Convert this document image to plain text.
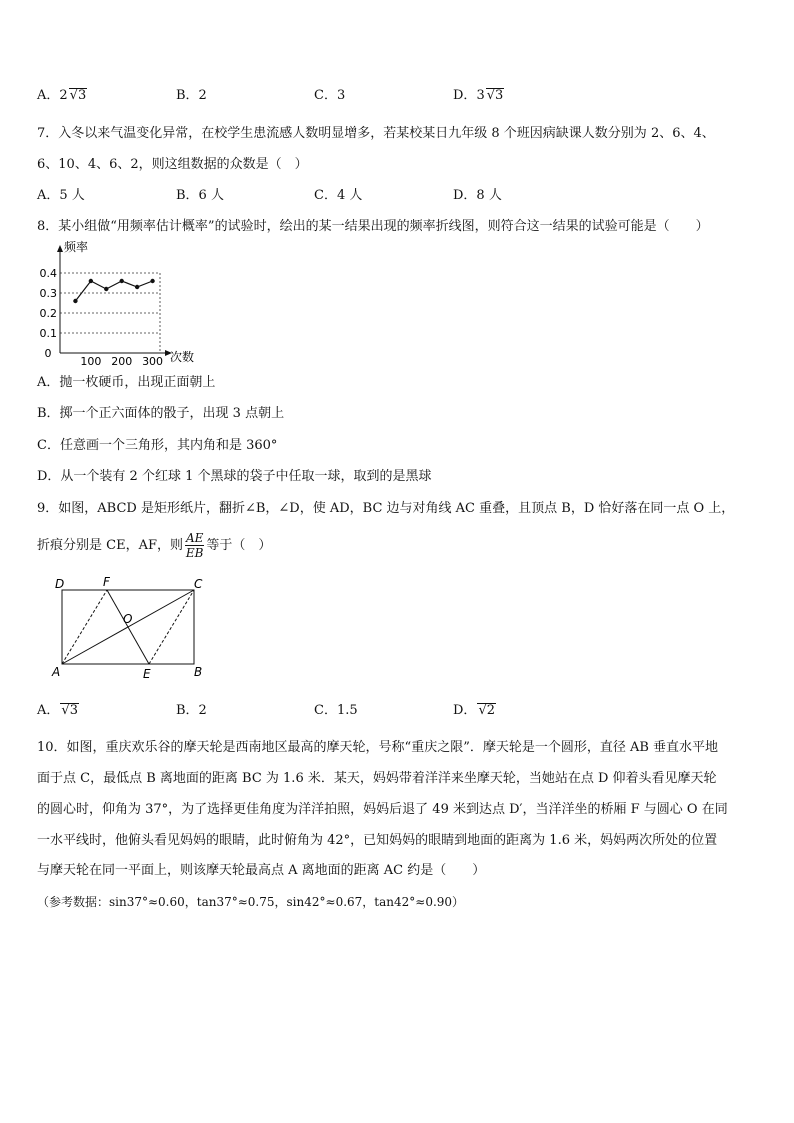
A．2 √3	B．2	C．3	D．3 √3
7．入冬以来气温变化异常，在校学生患流感人数明显增多，若某校某日九年级 8 个班因病缺课人数分别为 2、6、4、
6、10、4、6、2，则这组数据的众数是（　）
A．5 人	B．6 人	C．4 人	D．8 人
8．某小组做“用频率估计概率”的试验时，绘出的某一结果出现的频率折线图，则符合这一结果的试验可能是（　　）
频率
次数
0
0.4
0.3
0.2
0.1
100 200 300
A．抛一枚硬币，出现正面朝上
B．掷一个正六面体的骰子，出现 3 点朝上
C．任意画一个三角形，其内角和是 360°
D．从一个装有 2 个红球 1 个黑球的袋子中任取一球，取到的是黑球
9．如图，ABCD 是矩形纸片，翻折∠B，∠D，使 AD，BC 边与对角线 AC 重叠，且顶点 B，D 恰好落在同一点 O 上，
折痕分别是 CE，AF，则 $\frac{AE}{EB}$ 等于（　）
D	F	C
O
A	E	B
A． √3	B．2	C．1.5	D． √2
10．如图，重庆欢乐谷的摩天轮是西南地区最高的摩天轮，号称“重庆之限”．摩天轮是一个圆形，直径 AB 垂直水平地
面于点 C，最低点 B 离地面的距离 BC 为 1.6 米．某天，妈妈带着洋洋来坐摩天轮，当她站在点 D 仰着头看见摩天轮
的圆心时，仰角为 37°，为了选择更佳角度为洋洋拍照，妈妈后退了 49 米到达点 D′，当洋洋坐的桥厢 F 与圆心 O 在同
一水平线时，他俯头看见妈妈的眼睛，此时俯角为 42°，已知妈妈的眼睛到地面的距离为 1.6 米，妈妈两次所处的位置
与摩天轮在同一平面上，则该摩天轮最高点 A 离地面的距离 AC 约是（　　）
（参考数据：sin37°≈0.60，tan37°≈0.75，sin42°≈0.67，tan42°≈0.90）
